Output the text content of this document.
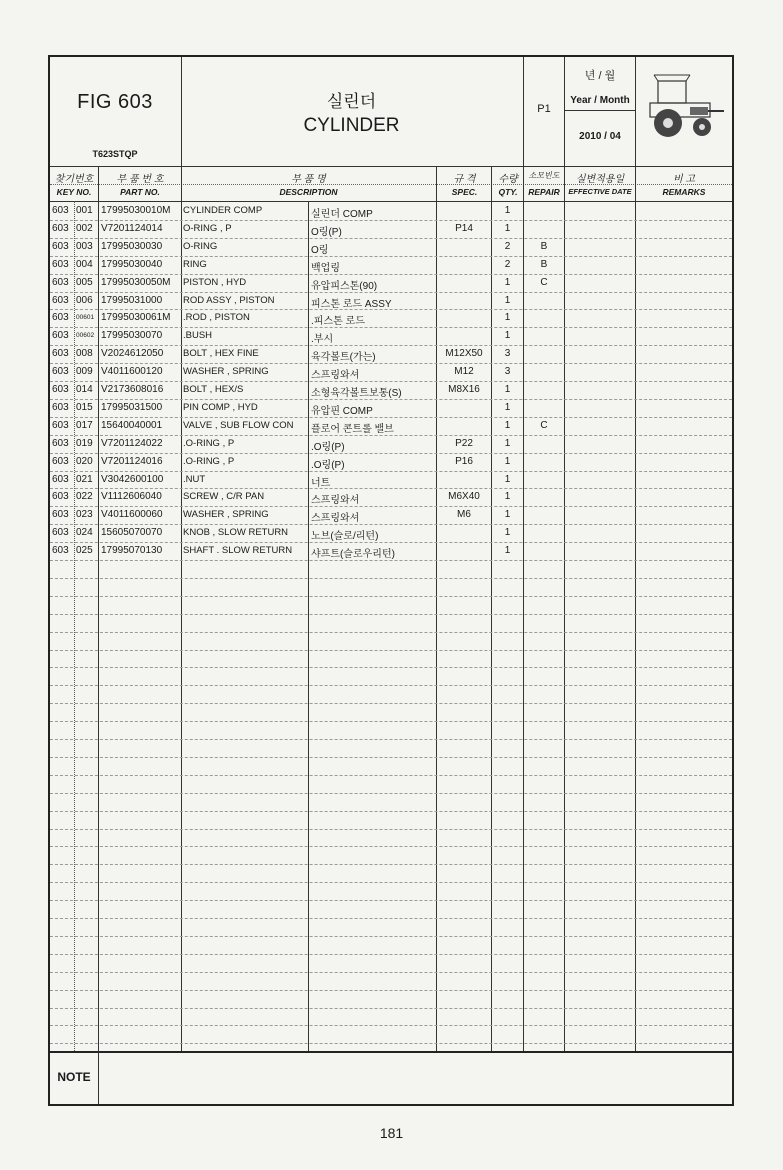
FIG 603
T623STQP
실린더
CYLINDER
P1
년 / 월
Year / Month
2010 / 04
찾기번호
KEY NO.
부 품 번 호
PART NO.
부 품 명
DESCRIPTION
규 격
SPEC.
수량
QTY.
소모빈도
REPAIR
실변적용일
EFFECTIVE DATE
비 고
REMARKS
603 001 17995030010M	CYLINDER COMP	실린더 COMP	1
603 002 V7201124014	O-RING , P	O링(P)	P14	1
603 003 17995030030	O-RING	O링	2	B
603 004 17995030040	RING	백업링	2	B
603 005 17995030050M	PISTON , HYD	유압피스톤(90)	1	C
603 006 17995031000	ROD ASSY , PISTON	피스톤 로드 ASSY	1
603	00601 17995030061M	.ROD , PISTON	.피스톤 로드	1
603	00602 17995030070	.BUSH	.부시	1
603 008 V2024612050	BOLT , HEX FINE	육각볼트(가는)	M12X50	3
603 009 V4011600120	WASHER , SPRING	스프링와셔	M12	3
603 014 V2173608016	BOLT , HEX/S	소형육각볼트보통(S)	M8X16	1
603 015 17995031500	PIN COMP , HYD	유압핀 COMP	1
603 017 15640040001	VALVE , SUB FLOW CON	플로어 콘트롤 밸브	1	C
603 019 V7201124022	.O-RING , P	.O링(P)	P22	1
603 020 V7201124016	.O-RING , P	.O링(P)	P16	1
603 021 V3042600100	.NUT	너트	1
603 022 V1112606040	SCREW , C/R PAN	스프링와셔	M6X40	1
603 023 V4011600060	WASHER , SPRING	스프링와셔	M6	1
603 024 15605070070	KNOB , SLOW RETURN	노브(슬로/리턴)	1
603 025 17995070130	SHAFT . SLOW RETURN	샤프트(슬로우리턴)	1
NOTE
181
